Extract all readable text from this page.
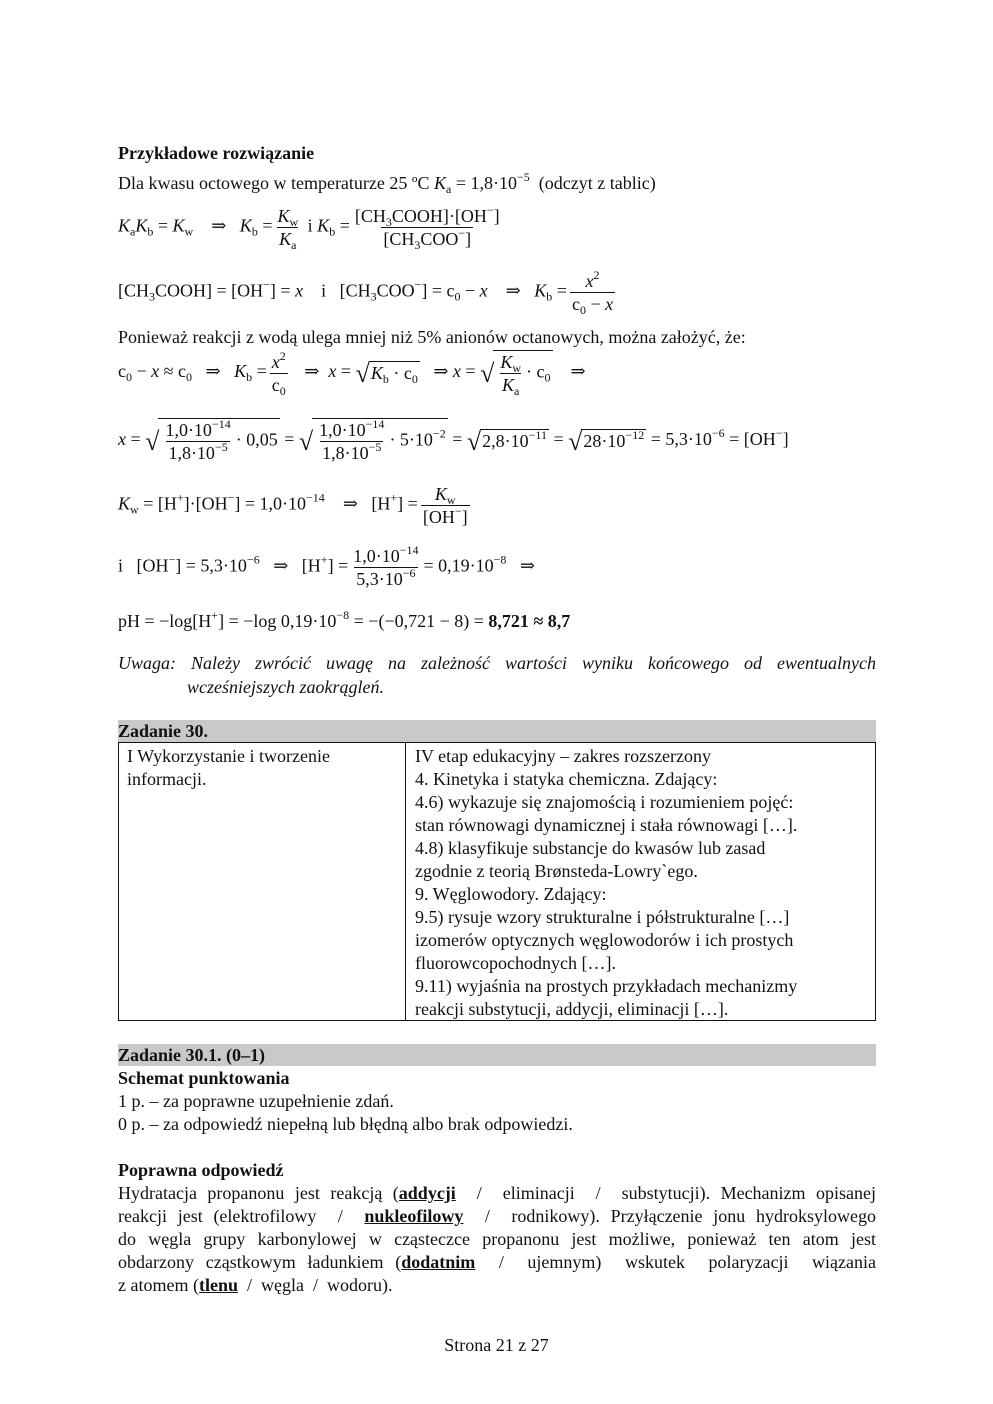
Przykładowe rozwiązanie
Dla kwasu octowego w temperaturze 25 ºC $K_a = 1,8\cdot 10^{-5}$ (odczyt z tablic)
$K_aK_b = K_w$    ⇒   $K_b = \frac{K_w}{K_a}$ i $K_b = \frac{[CH_3COOH]\cdot[OH^-]}{[CH_3COO^-]}$
$[CH_3COOH] = [OH^-] = x$    i   $[CH_3COO^-] = c_0 - x$    ⇒   $K_b = \frac{x^2}{c_0 - x}$
Ponieważ reakcji z wodą ulega mniej niż 5% anionów octanowych, można założyć, że:
$c_0 - x \approx c_0$   ⇒   $K_b = \frac{x^2}{c_0}$ ⇒  $x = √K_b \cdot c_0$   ⇒ x = √ $\frac{K_w}{K_a} \cdot c_0$    ⇒
x = √ $\frac{1,0\cdot 10^{-14}}{1,8\cdot 10^{-5}} \cdot 0,05$ = √ $\frac{1,0\cdot 10^{-14}}{1,8\cdot 10^{-5}} \cdot 5\cdot 10^{-2} = √2,8\cdot 10^{-11} = √28\cdot 10^{-12} = 5,3\cdot 10^{-6} = [OH^-]$
$K_w = [H^+]\cdot[OH^-] = 1,0\cdot 10^{-14}$    ⇒   $[H^+] = \frac{K_w}{[OH^-]}$
i   $[OH^-] = 5,3\cdot 10^{-6}$   ⇒   $[H^+] = \frac{1,0\cdot 10^{-14}}{5,3\cdot 10^{-6}} = 0,19\cdot 10^{-8}$   ⇒
pH = −log[H+] = −log $0,19\cdot 10^{-8} = -(-0,721 - 8) = 8,721 \approx 8,7$
Uwaga: Należy zwrócić uwagę na zależność wartości wyniku końcowego od ewentualnych
wcześniejszych zaokrągleń.
Zadanie 30.
I Wykorzystanie i tworzenie
informacji.
IV etap edukacyjny – zakres rozszerzony
4. Kinetyka i statyka chemiczna. Zdający:
4.6) wykazuje się znajomością i rozumieniem pojęć:
stan równowagi dynamicznej i stała równowagi […].
4.8) klasyfikuje substancje do kwasów lub zasad
zgodnie z teorią Brønsteda-Lowry`ego.
9. Węglowodory. Zdający:
9.5) rysuje wzory strukturalne i półstrukturalne […]
izomerów optycznych węglowodorów i ich prostych
fluorowcopochodnych […].
9.11) wyjaśnia na prostych przykładach mechanizmy
reakcji substytucji, addycji, eliminacji […].
Zadanie 30.1. (0–1)
Schemat punktowania
1 p. – za poprawne uzupełnienie zdań.
0 p. – za odpowiedź niepełną lub błędną albo brak odpowiedzi.
Poprawna odpowiedź
Hydratacja propanonu jest reakcją (addycji  /  eliminacji  /  substytucji). Mechanizm opisanej
reakcji jest (elektrofilowy  /  nukleofilowy  /  rodnikowy). Przyłączenie jonu hydroksylowego
do węgla grupy karbonylowej w cząsteczce propanonu jest możliwe, ponieważ ten atom jest
obdarzony cząstkowym ładunkiem (dodatnim  /  ujemnym)  wskutek  polaryzacji  wiązania
z atomem (tlenu  /  węgla  /  wodoru).
Strona 21 z 27
